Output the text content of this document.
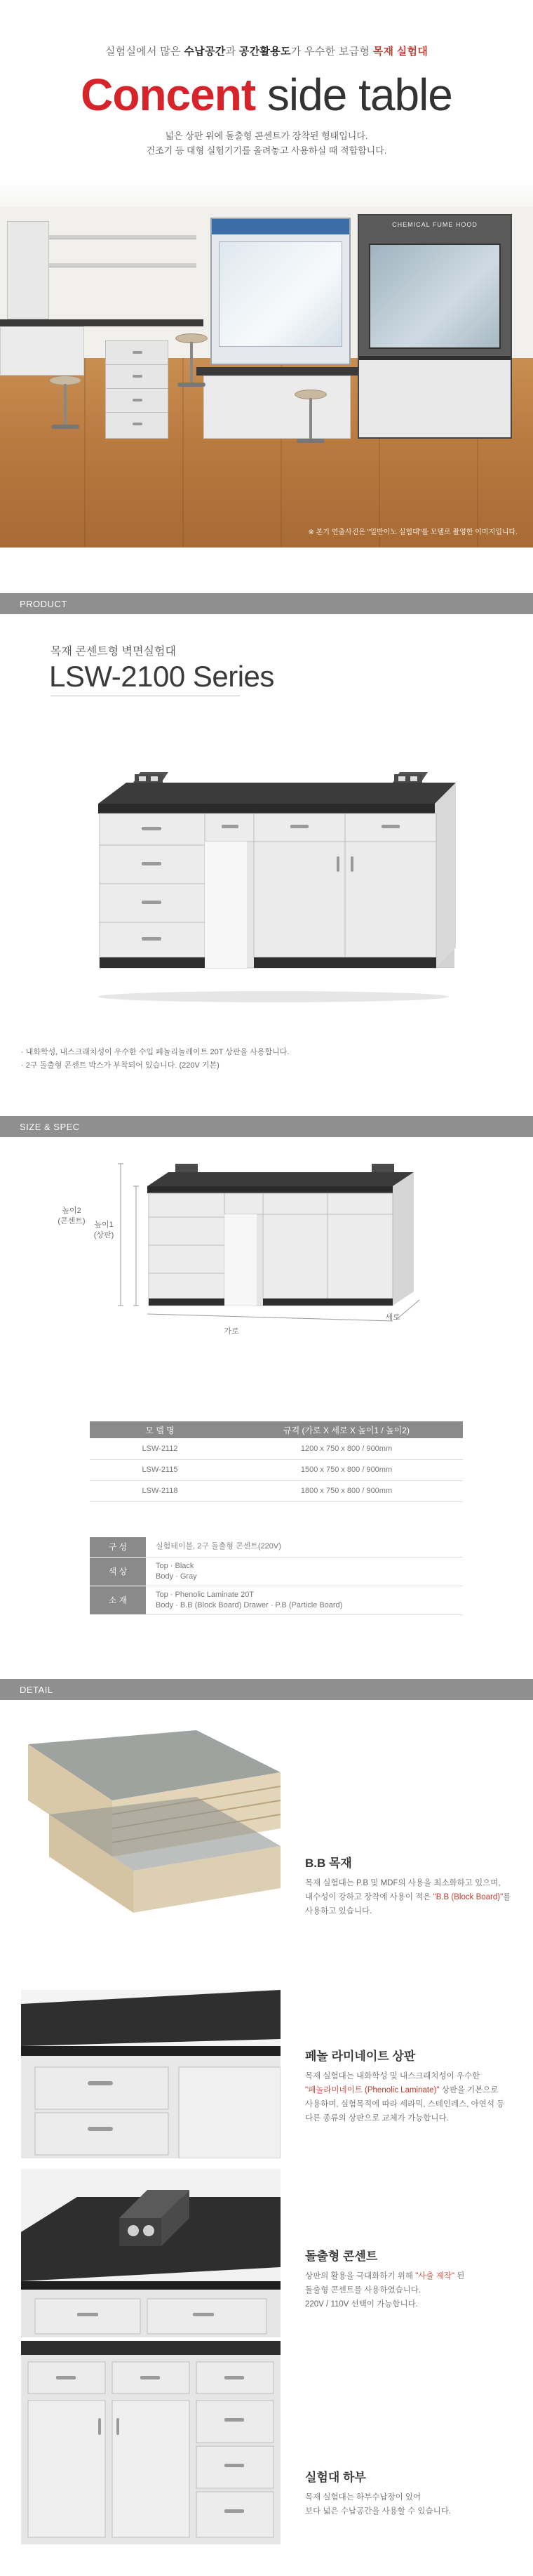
실험실에서 많은 수납공간과 공간활용도가 우수한 보급형 목재 실험대
Concent side table
넓은 상판 위에 돌출형 콘센트가 장착된 형태입니다.
건조기 등 대형 실험기기를 올려놓고 사용하실 때 적합합니다.
CHEMICAL FUME HOOD
※ 본기 연출사진은 "일반이노 실험대"를 모델로 촬영한 이미지입니다.
PRODUCT
목재 콘센트형 벽면실험대
LSW-2100 Series
· 내화학성, 내스크래치성이 우수한 수입 페놀리놀레이트 20T 상판을 사용합니다.
· 2구 돌출형 콘센트 박스가 부착되어 있습니다. (220V 기본)
SIZE & SPEC
높이2
(콘센트)	높이1
(상판)
가로
세로
모 델 명	규격 (가로 X 세로 X 높이1 / 높이2)
LSW-2112	1200 x 750 x 800 / 900mm
LSW-2115	1500 x 750 x 800 / 900mm
LSW-2118	1800 x 750 x 800 / 900mm
구 성	실험테이블, 2구 돌출형 콘센트(220V)
색 상	Top · Black
Body · Gray

소 재	Top · Phenolic Laminate 20T
Body · B.B (Block Board) Drawer · P.B (Particle Board)
DETAIL
B.B 목재
목재 실험대는 P.B 및 MDF의 사용을 최소화하고 있으며,
내수성이 강하고 장착에 사용이 적은 "B.B (Block Board)"를
사용하고 있습니다.
페놀 라미네이트 상판
목재 실험대는 내화학성 및 내스크래치성이 우수한
"페놀라미네이트 (Phenolic Laminate)" 상판을 기본으로
사용하며, 실험목적에 따라 세라믹, 스테인레스, 아연석 등
다른 종류의 상판으로 교체가 가능합니다.
돌출형 콘센트
상판의 활용을 극대화하기 위해 "사출 제작" 된
돌출형 콘센트를 사용하였습니다.
220V / 110V 선택이 가능합니다.
실험대 하부
목재 실험대는 하부수납장이 있어
보다 넓은 수납공간을 사용할 수 있습니다.
